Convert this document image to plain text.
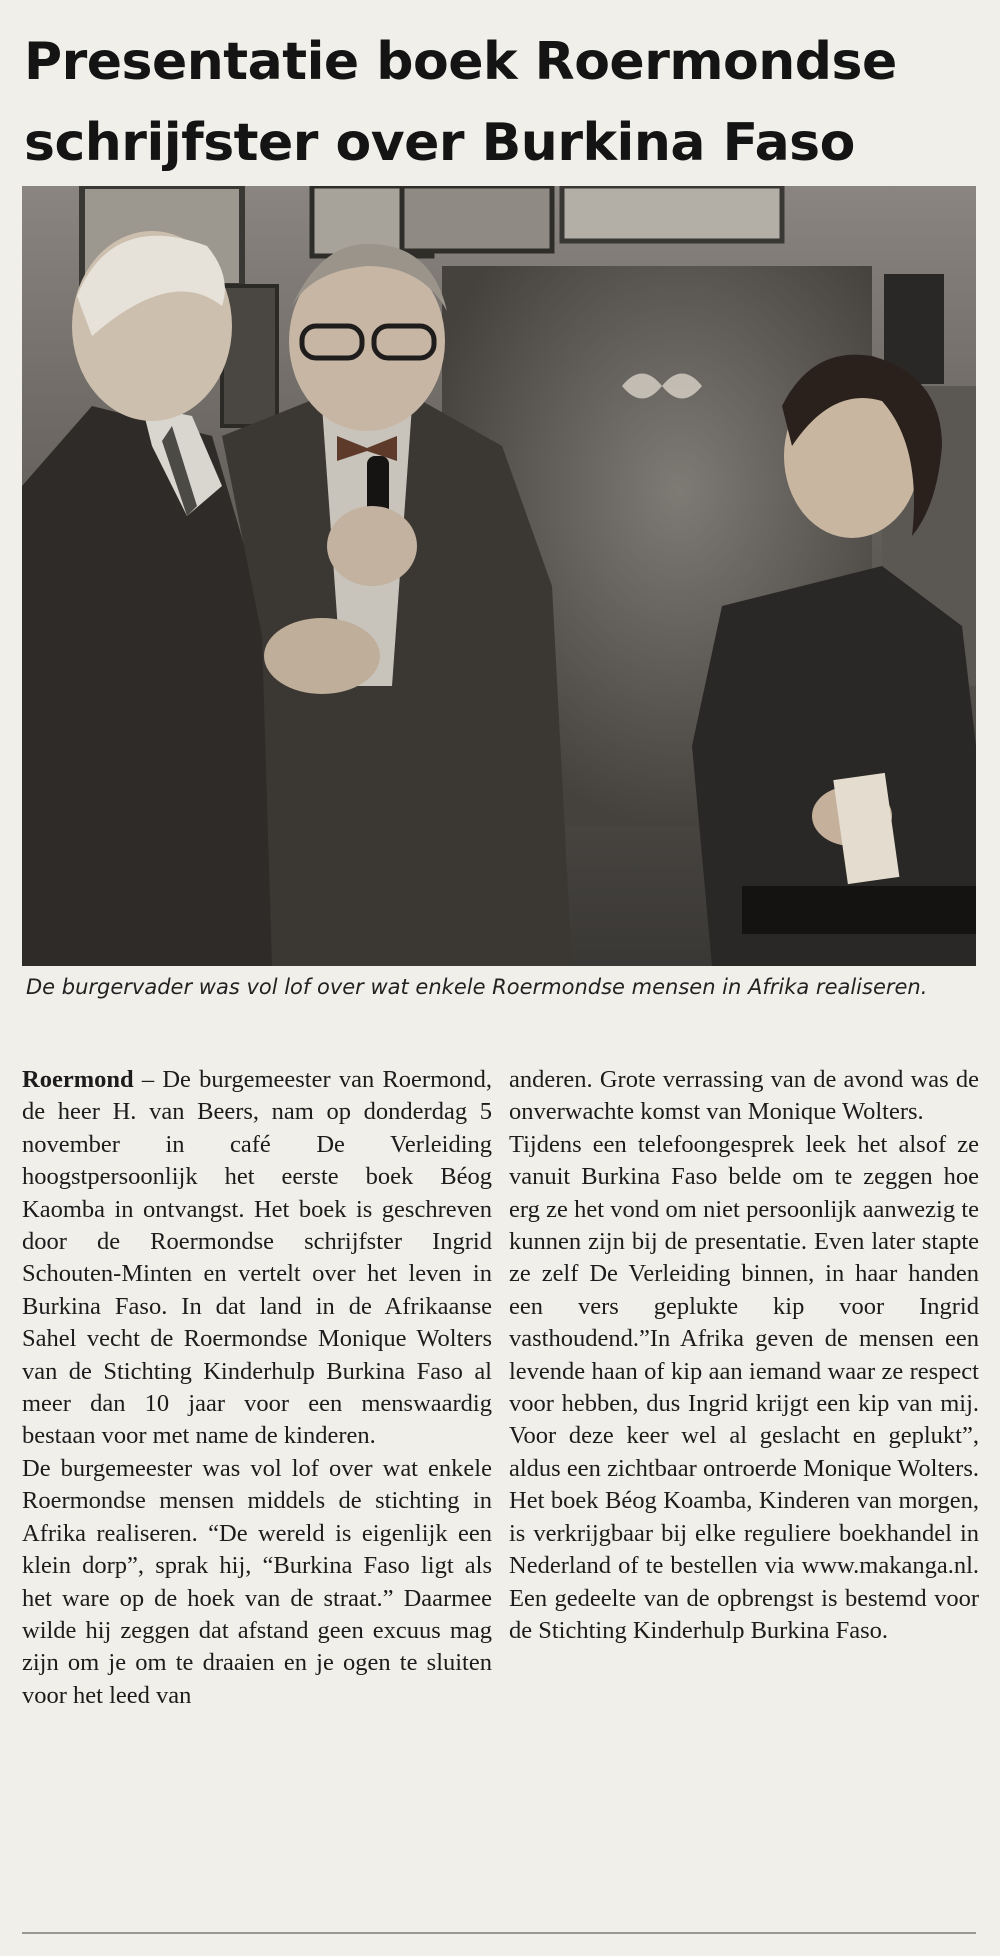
Presentatie boek Roermondse
schrijfster over Burkina Faso

De burgervader was vol lof over wat enkele Roermondse mensen in Afrika realiseren.

Roermond – De burgemeester van Roermond, de heer H. van Beers, nam op donderdag 5 november in café De Verleiding hoogstpersoonlijk het eerste boek Béog Kaomba in ontvangst. Het boek is geschreven door de Roermondse schrijfster Ingrid Schouten-Minten en vertelt over het leven in Burkina Faso. In dat land in de Afrikaanse Sahel vecht de Roermondse Monique Wolters van de Stichting Kinderhulp Burkina Faso al meer dan 10 jaar voor een menswaardig bestaan voor met name de kinderen.

De burgemeester was vol lof over wat enkele Roermondse mensen middels de stichting in Afrika realiseren. “De wereld is eigenlijk een klein dorp”, sprak hij, “Burkina Faso ligt als het ware op de hoek van de straat.” Daarmee wilde hij zeggen dat afstand geen excuus mag zijn om je om te draaien en je ogen te sluiten voor het leed van

anderen. Grote verrassing van de avond was de onverwachte komst van Monique Wolters.

Tijdens een telefoongesprek leek het alsof ze vanuit Burkina Faso belde om te zeggen hoe erg ze het vond om niet persoonlijk aanwezig te kunnen zijn bij de presentatie. Even later stapte ze zelf De Verleiding binnen, in haar handen een vers geplukte kip voor Ingrid vasthoudend.”In Afrika geven de mensen een levende haan of kip aan iemand waar ze respect voor hebben, dus Ingrid krijgt een kip van mij. Voor deze keer wel al geslacht en geplukt”, aldus een zichtbaar ontroerde Monique Wolters. Het boek Béog Koamba, Kinderen van morgen, is verkrijgbaar bij elke reguliere boekhandel in Nederland of te bestellen via www.makanga.nl. Een gedeelte van de opbrengst is bestemd voor de Stichting Kinderhulp Burkina Faso.
